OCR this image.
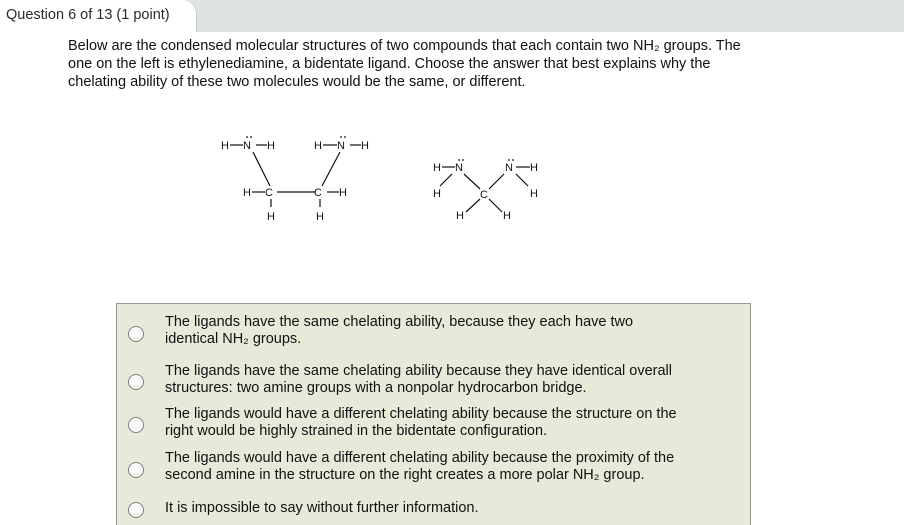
Question 6 of 13 (1 point)
Below are the condensed molecular structures of two compounds that each contain two NH₂ groups. The
one on the left is ethylenediamine, a bidentate ligand. Choose the answer that best explains why the
chelating ability of these two molecules would be the same, or different.
H N H	H N H
H C	C H
H	H
H N	N H
H	H
C
H	H
The ligands have the same chelating ability, because they each have two
identical NH₂ groups.
The ligands have the same chelating ability because they have identical overall
structures: two amine groups with a nonpolar hydrocarbon bridge.
The ligands would have a different chelating ability because the structure on the
right would be highly strained in the bidentate configuration.
The ligands would have a different chelating ability because the proximity of the
second amine in the structure on the right creates a more polar NH₂ group.
It is impossible to say without further information.
